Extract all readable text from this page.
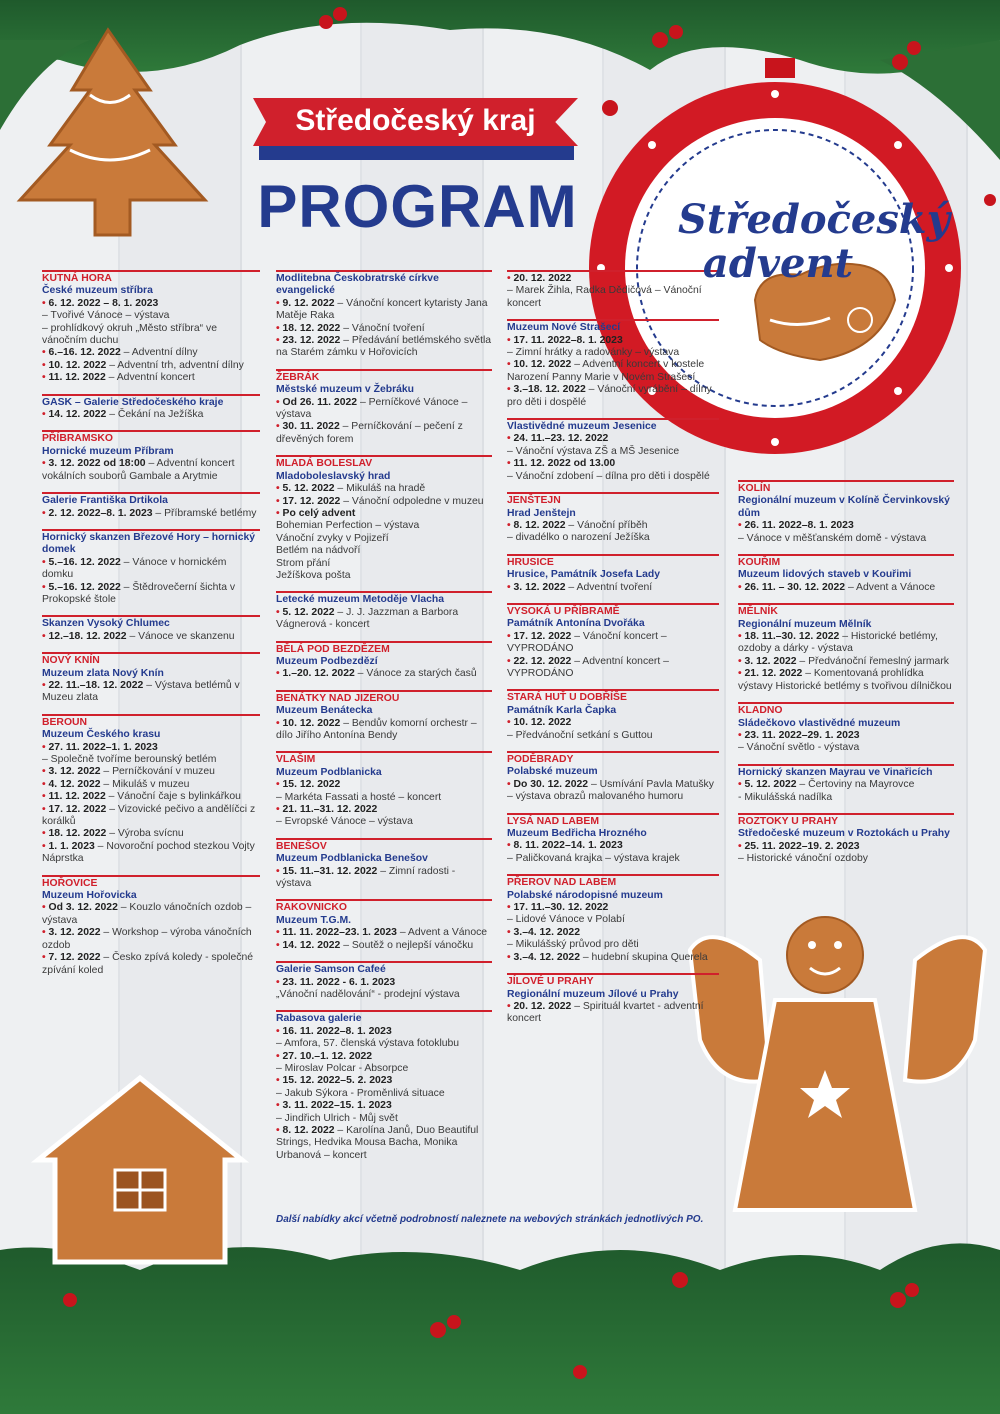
Středočeský kraj
PROGRAM	Středočeský
advent
KUTNÁ HORA
České muzeum stříbra
• 6. 12. 2022 – 8. 1. 2023
– Tvořivé Vánoce – výstava
– prohlídkový okruh „Město stříbra“ ve vánočním duchu
• 6.–16. 12. 2022 – Adventní dílny
• 10. 12. 2022 – Adventní trh, adventní dílny
• 11. 12. 2022 – Adventní koncert
GASK – Galerie Středočeského kraje
• 14. 12. 2022 – Čekání na Ježíška
PŘÍBRAMSKO
Hornické muzeum Příbram
• 3. 12. 2022 od 18:00 – Adventní koncert vokálních souborů Gambale a Arytmie
Galerie Františka Drtikola
• 2. 12. 2022–8. 1. 2023 – Příbramské betlémy
Hornický skanzen Březové Hory – hornický domek
• 5.–16. 12. 2022 – Vánoce v hornickém domku
• 5.–16. 12. 2022 – Štědrovečerní šichta v Prokopské štole
Skanzen Vysoký Chlumec
• 12.–18. 12. 2022 – Vánoce ve skanzenu
NOVÝ KNÍN
Muzeum zlata Nový Knín
• 22. 11.–18. 12. 2022 – Výstava betlémů v Muzeu zlata
BEROUN
Muzeum Českého krasu
• 27. 11. 2022–1. 1. 2023
– Společně tvoříme berounský betlém
• 3. 12. 2022 – Perníčkování v muzeu
• 4. 12. 2022 – Mikuláš v muzeu
• 11. 12. 2022 – Vánoční čaje s bylinkářkou
• 17. 12. 2022 – Vizovické pečivo a andělíčci z korálků
• 18. 12. 2022 – Výroba svícnu
• 1. 1. 2023 – Novoroční pochod stezkou Vojty Náprstka
HOŘOVICE
Muzeum Hořovicka
• Od 3. 12. 2022 – Kouzlo vánočních ozdob – výstava
• 3. 12. 2022 – Workshop – výroba vánočních ozdob
• 7. 12. 2022 – Česko zpívá koledy - společné zpívání koled
Modlitebna Českobratrské církve evangelické
• 9. 12. 2022 – Vánoční koncert kytaristy Jana Matěje Raka
• 18. 12. 2022 – Vánoční tvoření
• 23. 12. 2022 – Předávání betlémského světla na Starém zámku v Hořovicích
ŽEBRÁK
Městské muzeum v Žebráku
• Od 26. 11. 2022 – Perníčkové Vánoce – výstava
• 30. 11. 2022 – Perníčkování – pečení z dřevěných forem
MLADÁ BOLESLAV
Mladoboleslavský hrad
• 5. 12. 2022 – Mikuláš na hradě
• 17. 12. 2022 – Vánoční odpoledne v muzeu
• Po celý advent
Bohemian Perfection – výstava
Vánoční zvyky v Pojizeří
Betlém na nádvoří
Strom přání
Ježíškova pošta
Letecké muzeum Metoděje Vlacha
• 5. 12. 2022 – J. J. Jazzman a Barbora Vágnerová - koncert
BĚLÁ POD BEZDĚZEM
Muzeum Podbezdězí
• 1.–20. 12. 2022 – Vánoce za starých časů
BENÁTKY NAD JIZEROU
Muzeum Benátecka
• 10. 12. 2022 – Bendův komorní orchestr – dílo Jiřího Antonína Bendy
VLAŠIM
Muzeum Podblanicka
• 15. 12. 2022
– Markéta Fassati a hosté – koncert
• 21. 11.–31. 12. 2022
– Evropské Vánoce – výstava
BENEŠOV
Muzeum Podblanicka Benešov
• 15. 11.–31. 12. 2022 – Zimní radosti - výstava
RAKOVNICKO
Muzeum T.G.M.
• 11. 11. 2022–23. 1. 2023 – Advent a Vánoce
• 14. 12. 2022 – Soutěž o nejlepší vánočku
Galerie Samson Cafeé
• 23. 11. 2022 - 6. 1. 2023
„Vánoční nadělování“ - prodejní výstava
Rabasova galerie
• 16. 11. 2022–8. 1. 2023
– Amfora, 57. členská výstava fotoklubu
• 27. 10.–1. 12. 2022
– Miroslav Polcar - Absorpce
• 15. 12. 2022–5. 2. 2023
– Jakub Sýkora - Proměnlivá situace
• 3. 11. 2022–15. 1. 2023
– Jindřich Ulrich - Můj svět
• 8. 12. 2022 – Karolína Janů, Duo Beautiful Strings, Hedvika Mousa Bacha, Monika Urbanová – koncert
• 20. 12. 2022
– Marek Žihla, Radka Dědičová – Vánoční koncert
Muzeum Nové Strašecí
• 17. 11. 2022–8. 1. 2023
– Zimní hrátky a radovánky – výstava
• 10. 12. 2022 – Adventní koncert v kostele Narození Panny Marie v Novém Strašecí
• 3.–18. 12. 2022 – Vánoční vyrábění – dílny pro děti i dospělé
Vlastivědné muzeum Jesenice
• 24. 11.–23. 12. 2022
– Vánoční výstava ZŠ a MŠ Jesenice
• 11. 12. 2022 od 13.00
– Vánoční zdobení – dílna pro děti i dospělé
JENŠTEJN
Hrad Jenštejn
• 8. 12. 2022 – Vánoční příběh
– divadélko o narození Ježíška
HRUSICE
Hrusice, Památník Josefa Lady
• 3. 12. 2022 – Adventní tvoření
VYSOKÁ U PŘÍBRAMĚ
Památník Antonína Dvořáka
• 17. 12. 2022 – Vánoční koncert – VYPRODÁNO
• 22. 12. 2022 – Adventní koncert – VYPRODÁNO
STARÁ HUŤ U DOBŘÍŠE
Památník Karla Čapka
• 10. 12. 2022
– Předvánoční setkání s Guttou
PODĚBRADY
Polabské muzeum
• Do 30. 12. 2022 – Usmívání Pavla Matušky – výstava obrazů malovaného humoru
LYSÁ NAD LABEM
Muzeum Bedřicha Hrozného
• 8. 11. 2022–14. 1. 2023
– Paličkovaná krajka – výstava krajek
PŘEROV NAD LABEM
Polabské národopisné muzeum
• 17. 11.–30. 12. 2022
– Lidové Vánoce v Polabí
• 3.–4. 12. 2022
– Mikulášský průvod pro děti
• 3.–4. 12. 2022 – hudební skupina Querela
JÍLOVÉ U PRAHY
Regionální muzeum Jílové u Prahy
• 20. 12. 2022 – Spirituál kvartet - adventní koncert
KOLÍN
Regionální muzeum v Kolíně Červinkovský dům
• 26. 11. 2022–8. 1. 2023
– Vánoce v měšťanském domě - výstava
KOUŘIM
Muzeum lidových staveb v Kouřimi
• 26. 11. – 30. 12. 2022 – Advent a Vánoce
MĚLNÍK
Regionální muzeum Mělník
• 18. 11.–30. 12. 2022 – Historické betlémy, ozdoby a dárky - výstava
• 3. 12. 2022 – Předvánoční řemeslný jarmark
• 21. 12. 2022 – Komentovaná prohlídka výstavy Historické betlémy s tvořivou dílničkou
KLADNO
Sládečkovo vlastivědné muzeum
• 23. 11. 2022–29. 1. 2023
– Vánoční světlo - výstava
Hornický skanzen Mayrau ve Vinařicích
• 5. 12. 2022 – Čertoviny na Mayrovce
- Mikulášská nadílka
ROZTOKY U PRAHY
Středočeské muzeum v Roztokách u Prahy
• 25. 11. 2022–19. 2. 2023
– Historické vánoční ozdoby
Další nabídky akcí včetně podrobností naleznete na webových stránkách jednotlivých PO.
